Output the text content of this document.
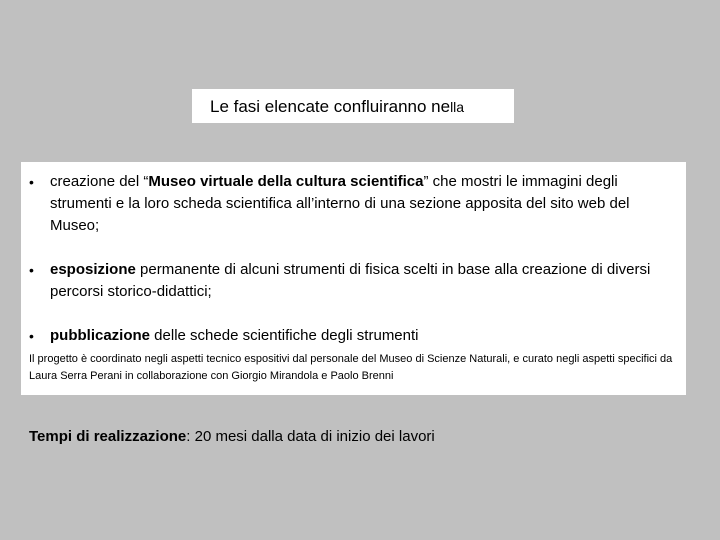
Le fasi elencate confluiranno nella

•	creazione del “Museo virtuale della cultura scientifica” che mostri le immagini degli strumenti e la loro scheda scientifica all’interno di una sezione apposita del sito web del Museo;

•	esposizione permanente di alcuni strumenti di fisica scelti in base alla creazione di diversi percorsi storico-didattici;

•	pubblicazione delle schede scientifiche degli strumenti

Il progetto è coordinato negli aspetti tecnico espositivi dal personale del Museo di Scienze Naturali, e curato negli aspetti specifici da Laura Serra Perani in collaborazione con Giorgio Mirandola e Paolo Brenni
Tempi di realizzazione: 20 mesi dalla data di inizio dei lavori
